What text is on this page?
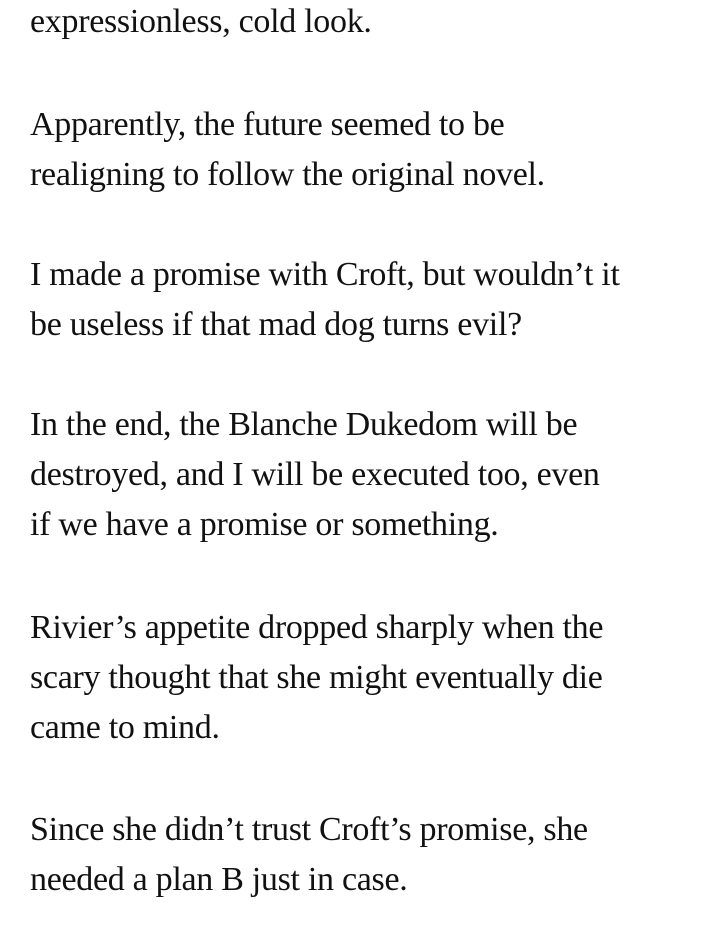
expressionless, cold look.

Apparently, the future seemed to be
realigning to follow the original novel.

I made a promise with Croft, but wouldn’t it
be useless if that mad dog turns evil?

In the end, the Blanche Dukedom will be
destroyed, and I will be executed too, even
if we have a promise or something.

Rivier’s appetite dropped sharply when the
scary thought that she might eventually die
came to mind.

Since she didn’t trust Croft’s promise, she
needed a plan B just in case.
